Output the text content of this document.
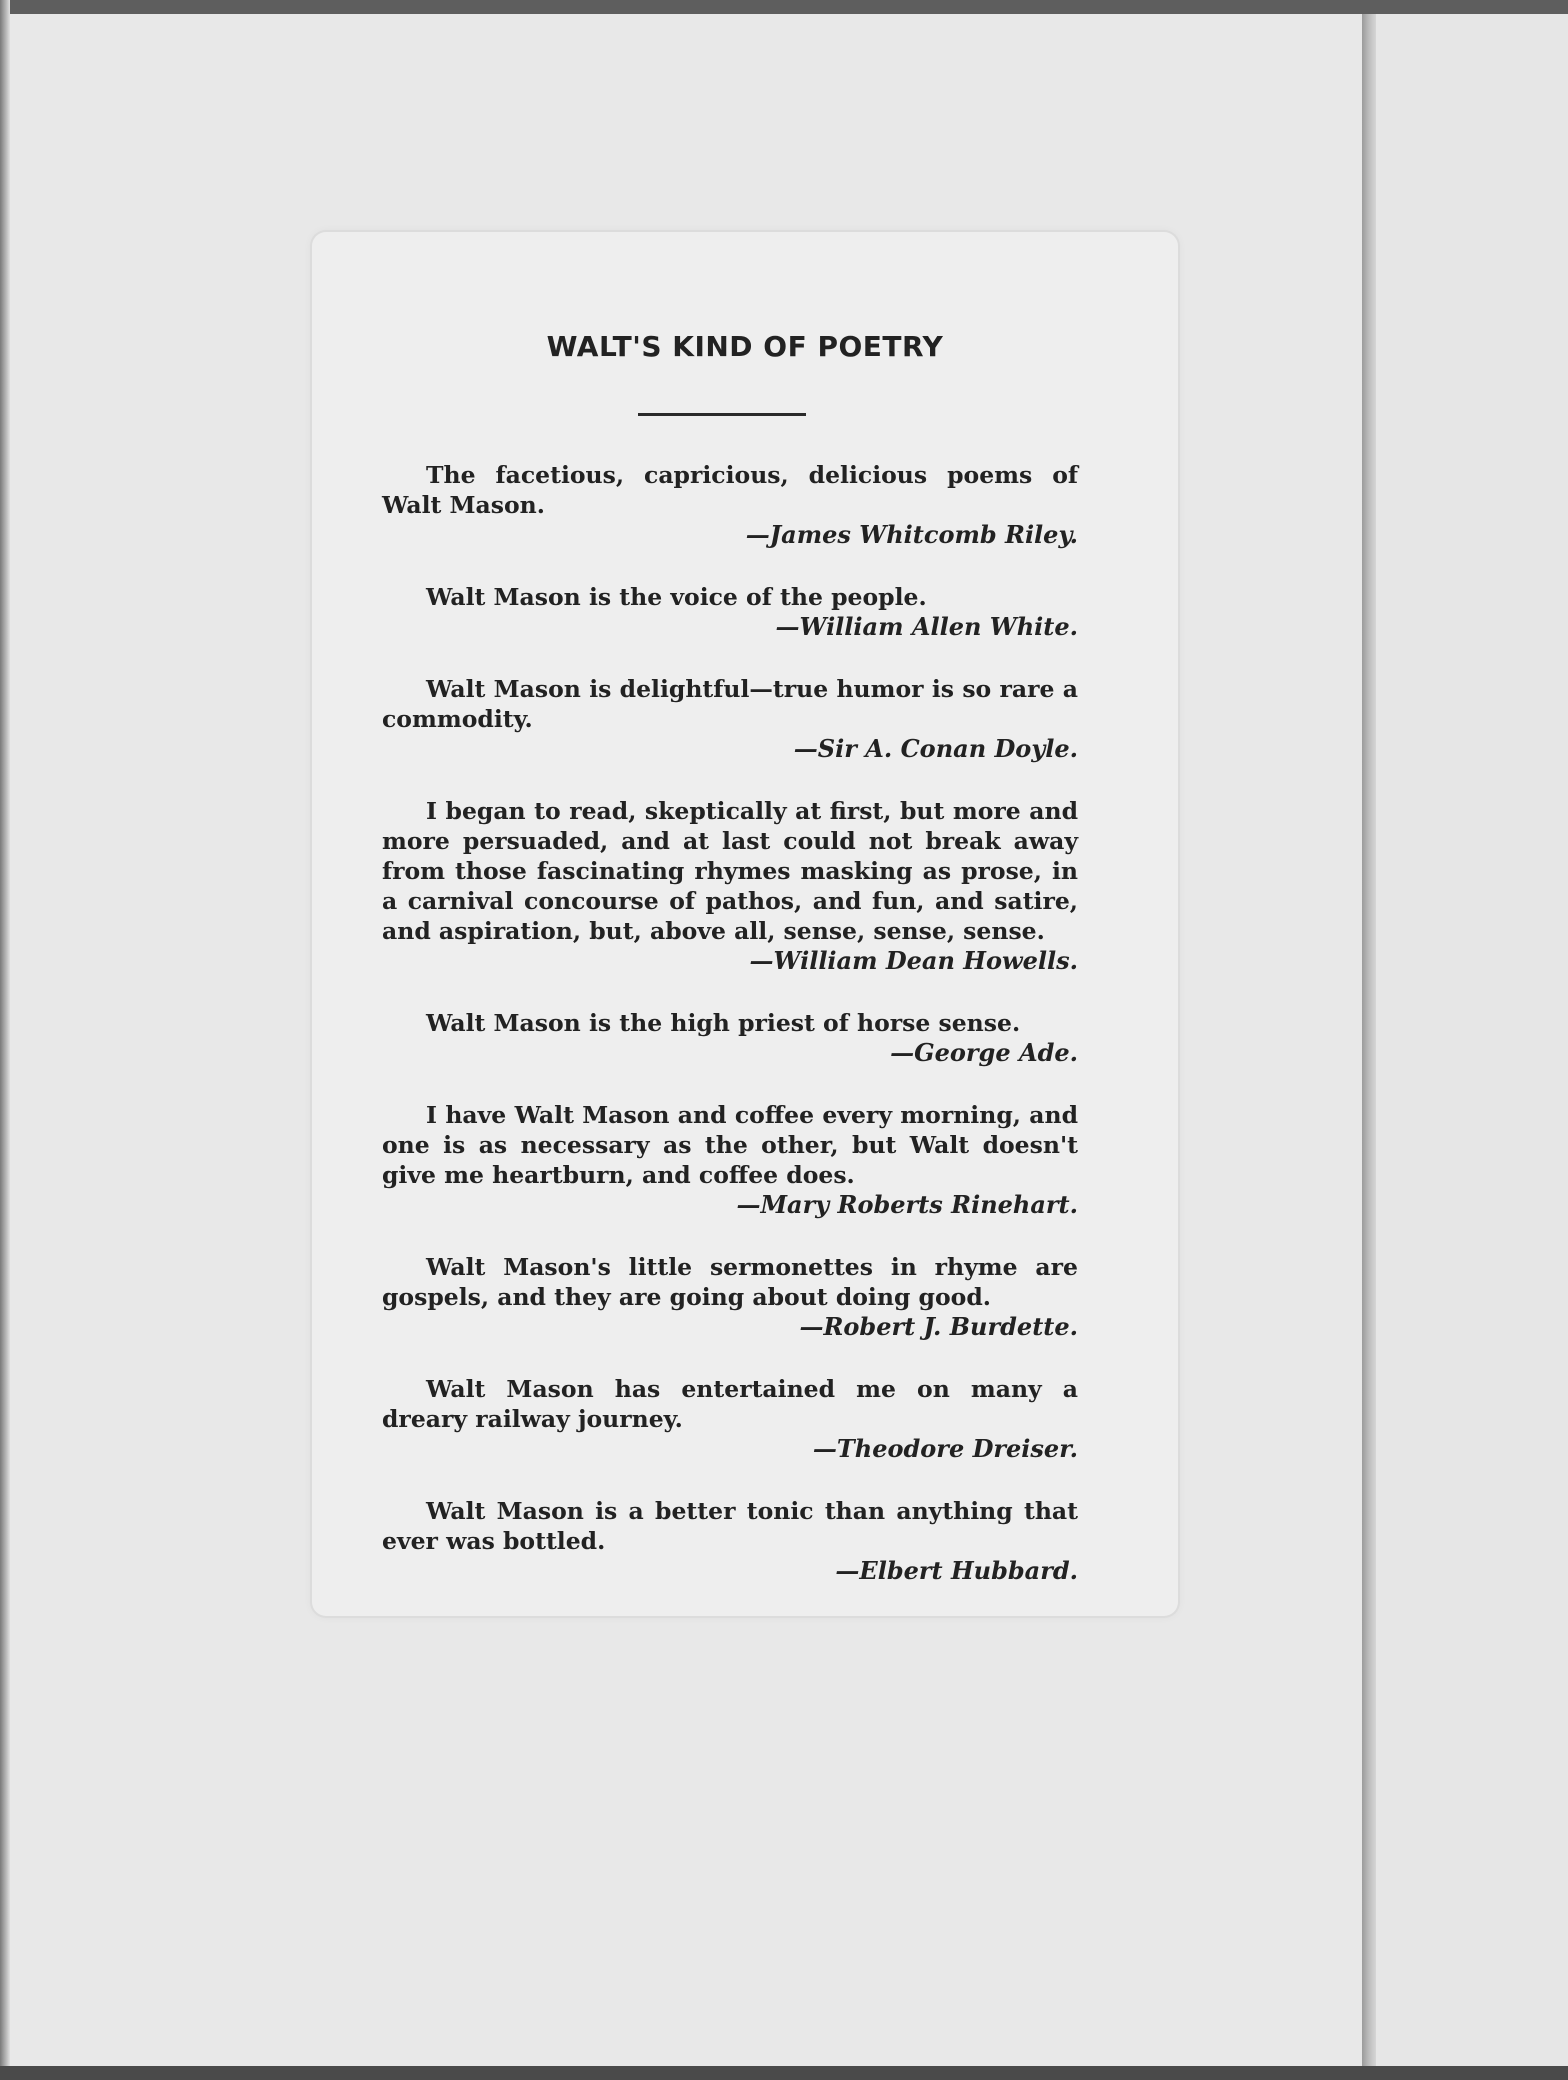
WALT'S KIND OF POETRY

The facetious, capricious, delicious poems of Walt Mason.

—James Whitcomb Riley.

Walt Mason is the voice of the people.

—William Allen White.

Walt Mason is delightful—true humor is so rare a commodity.

—Sir A. Conan Doyle.

I began to read, skeptically at first, but more and more persuaded, and at last could not break away from those fascinating rhymes masking as prose, in a carnival concourse of pathos, and fun, and satire, and aspiration, but, above all, sense, sense, sense.

—William Dean Howells.

Walt Mason is the high priest of horse sense.

—George Ade.

I have Walt Mason and coffee every morning, and one is as necessary as the other, but Walt doesn't give me heartburn, and coffee does.

—Mary Roberts Rinehart.

Walt Mason's little sermonettes in rhyme are gospels, and they are going about doing good.

—Robert J. Burdette.

Walt Mason has entertained me on many a dreary railway journey.

—Theodore Dreiser.

Walt Mason is a better tonic than anything that ever was bottled.

—Elbert Hubbard.
